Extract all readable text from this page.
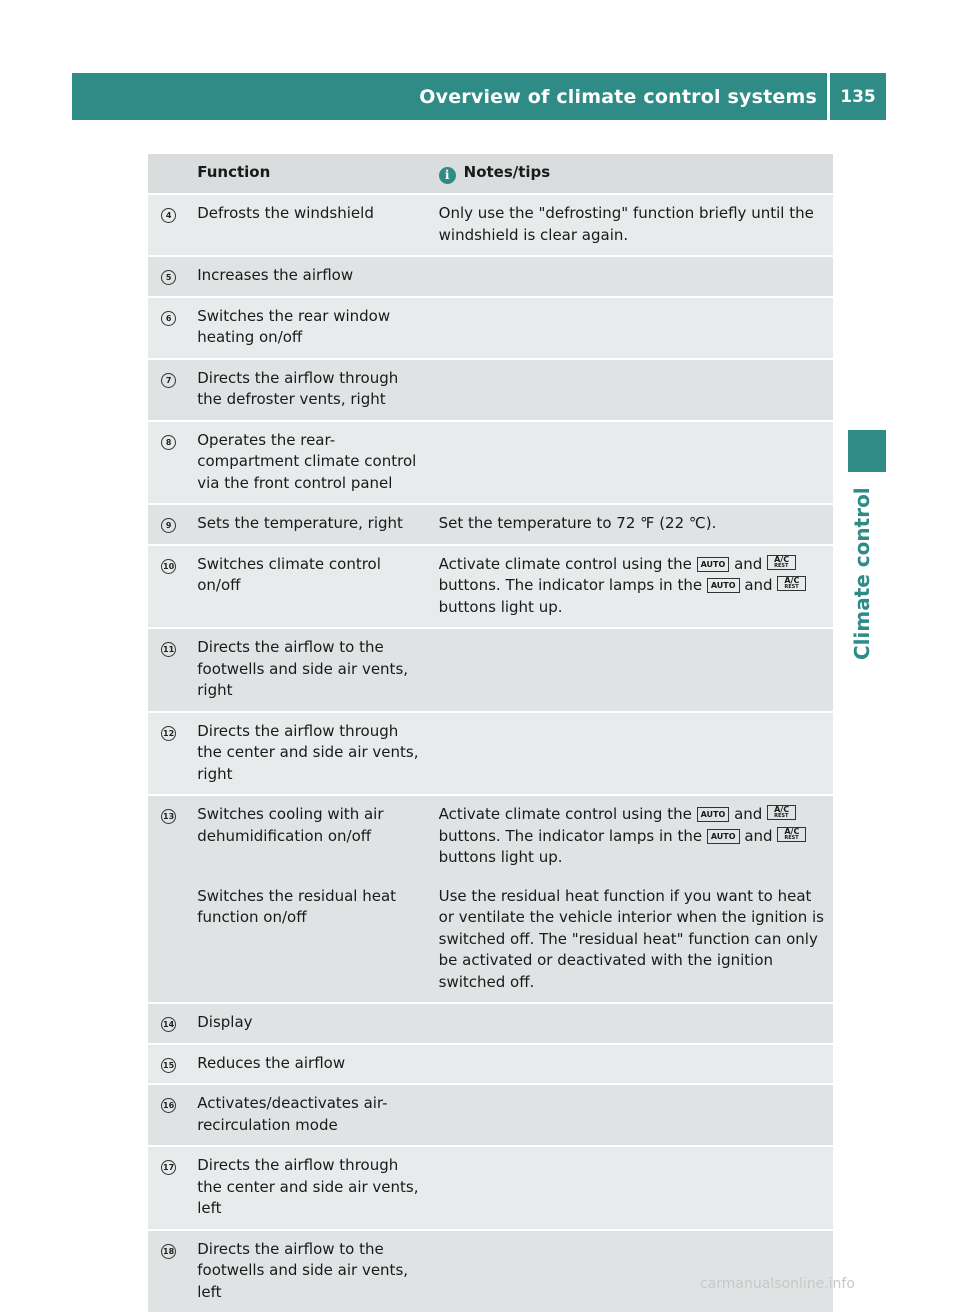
Overview of climate control systems	135
Climate control
	Function	i Notes/tips
4	Defrosts the windshield	Only use the "defrosting" function briefly until the windshield is clear again.
5	Increases the airflow	
6	Switches the rear window heating on/off	
7	Directs the airflow through the defroster vents, right	
8	Operates the rear-compartment climate control via the front control panel	
9	Sets the temperature, right	Set the temperature to 72 ℉ (22 ℃).
10	Switches climate control on/off	Activate climate control using the AUTO and A/C
REST
buttons. The indicator lamps in the AUTO and A/C
REST
buttons light up.
11	Directs the airflow to the footwells and side air vents, right	
12	Directs the airflow through the center and side air vents, right	
13	Switches cooling with air dehumidification on/off	Activate climate control using the AUTO and A/C
REST
buttons. The indicator lamps in the AUTO and A/C
REST
buttons light up.
	Switches the residual heat function on/off	Use the residual heat function if you want to heat or ventilate the vehicle interior when the ignition is switched off. The "residual heat" function can only be activated or deactivated with the ignition switched off.
14	Display	
15	Reduces the airflow	
16	Activates/deactivates air-recirculation mode	
17	Directs the airflow through the center and side air vents, left	
18	Directs the airflow to the footwells and side air vents, left		carmanualsonline.info
